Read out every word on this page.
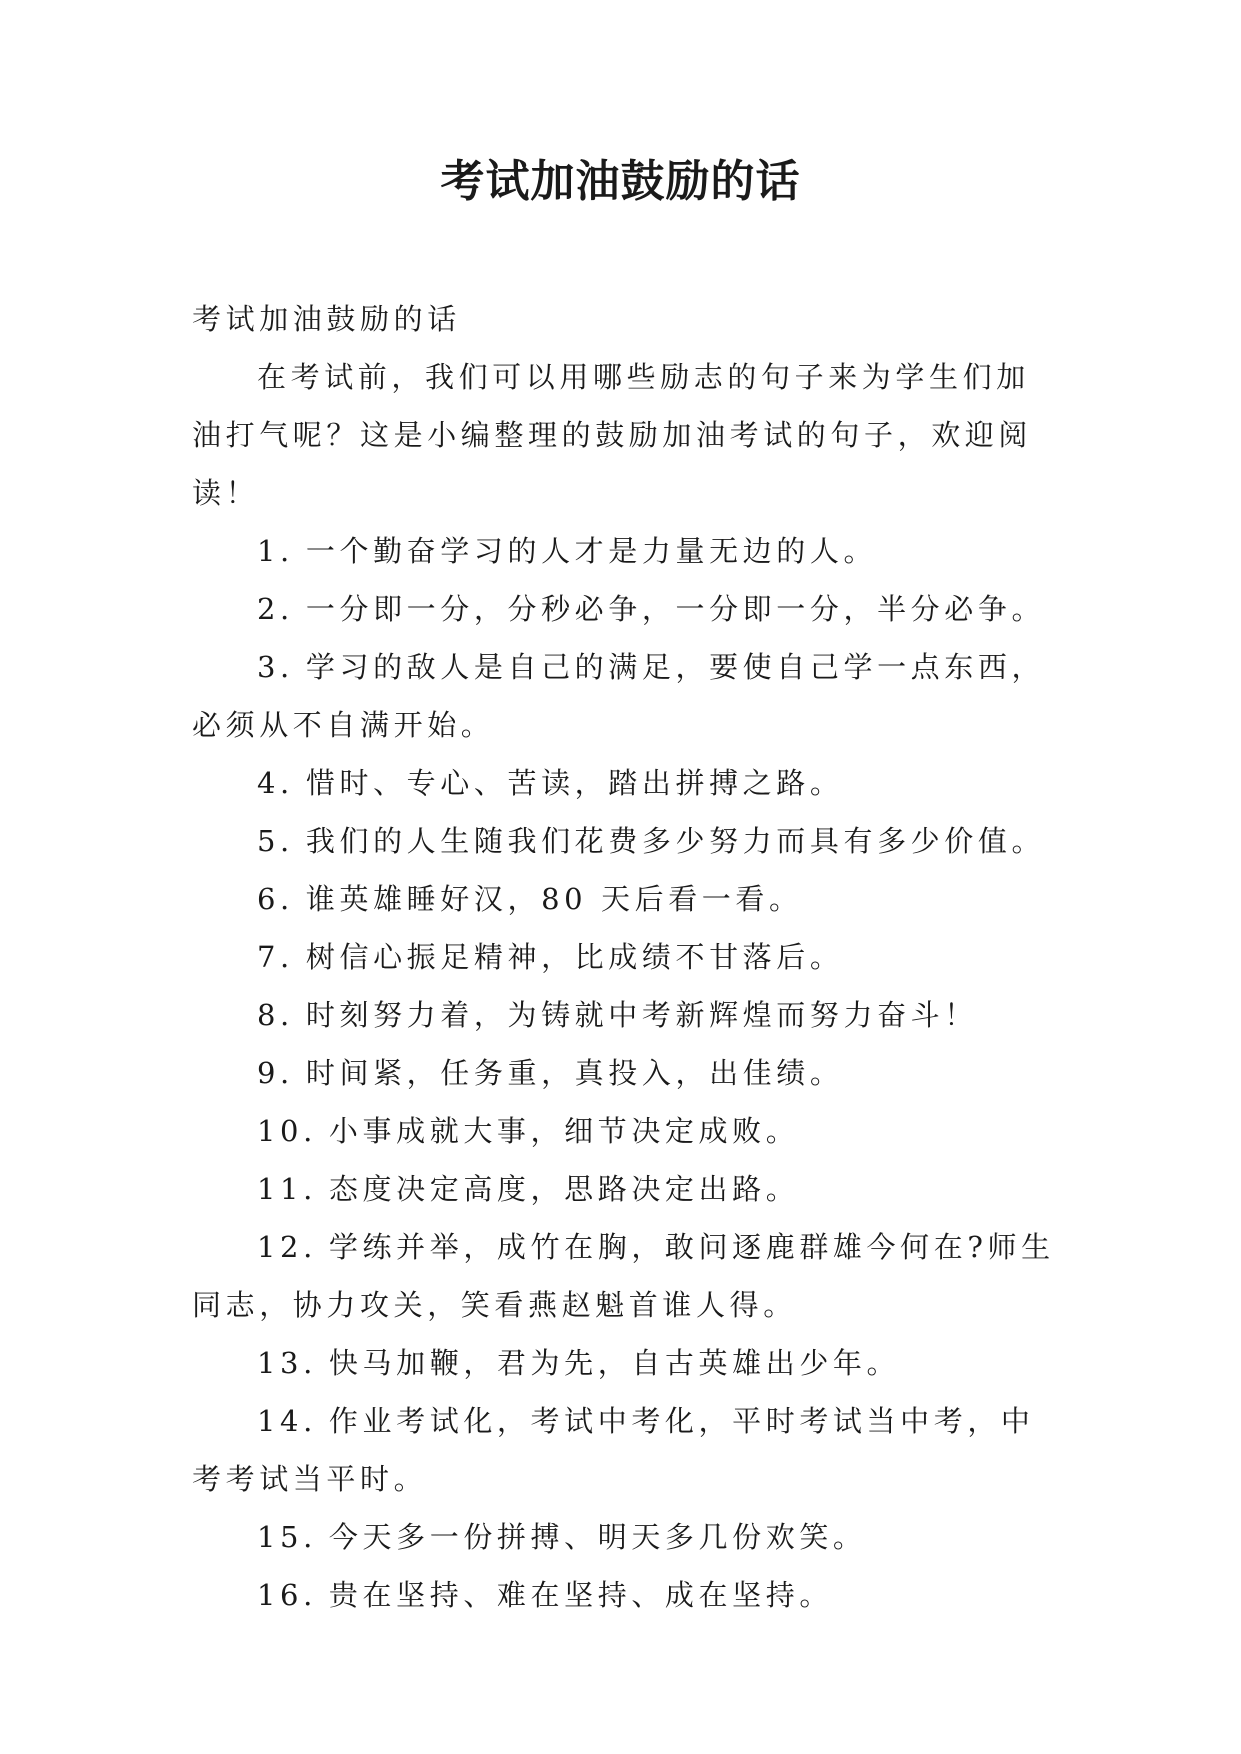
考试加油鼓励的话

考试加油鼓励的话

在考试前，我们可以用哪些励志的句子来为学生们加油打气呢？这是小编整理的鼓励加油考试的句子，欢迎阅读！

1. 一个勤奋学习的人才是力量无边的人。

2. 一分即一分，分秒必争，一分即一分，半分必争。

3. 学习的敌人是自己的满足，要使自己学一点东西，必须从不自满开始。

4. 惜时、专心、苦读，踏出拼搏之路。

5. 我们的人生随我们花费多少努力而具有多少价值。

6. 谁英雄睡好汉，80 天后看一看。

7. 树信心振足精神，比成绩不甘落后。

8. 时刻努力着，为铸就中考新辉煌而努力奋斗！

9. 时间紧，任务重，真投入，出佳绩。

10. 小事成就大事，细节决定成败。

11. 态度决定高度，思路决定出路。

12. 学练并举，成竹在胸，敢问逐鹿群雄今何在?师生同志，协力攻关，笑看燕赵魁首谁人得。

13. 快马加鞭，君为先，自古英雄出少年。

14. 作业考试化，考试中考化，平时考试当中考，中考考试当平时。

15. 今天多一份拼搏、明天多几份欢笑。

16. 贵在坚持、难在坚持、成在坚持。
